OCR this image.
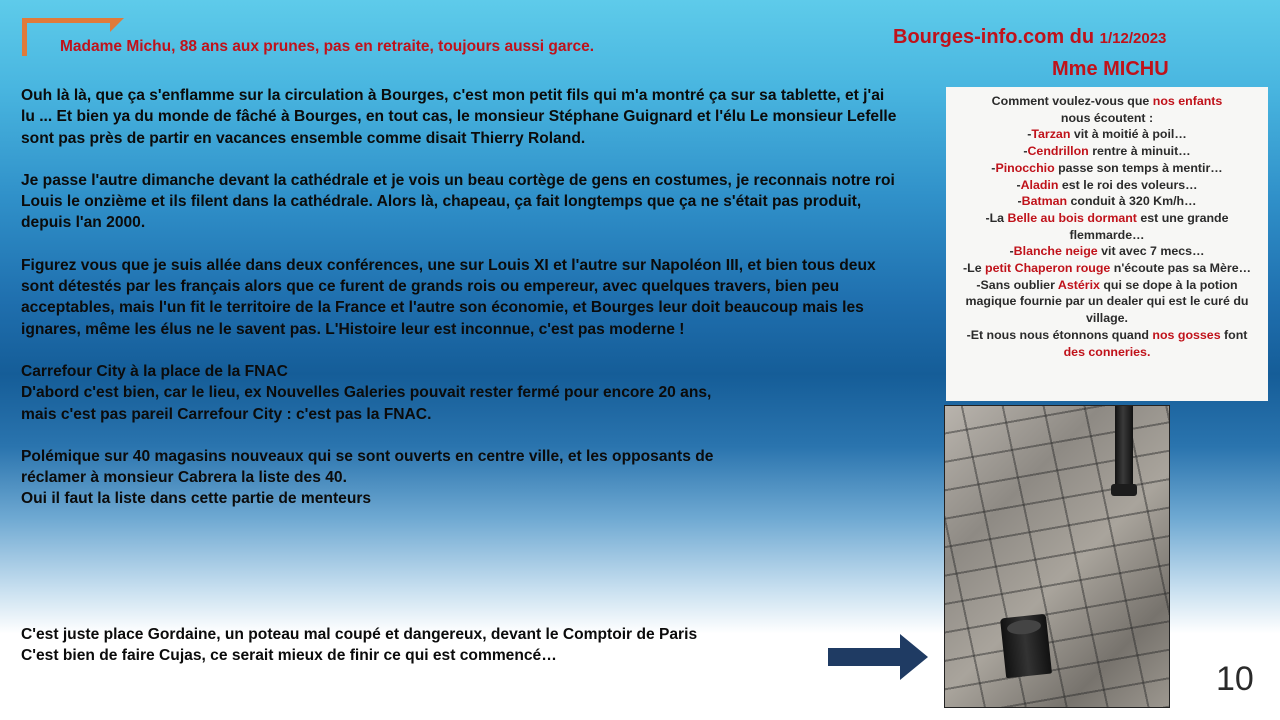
Madame Michu, 88 ans aux prunes, pas en retraite, toujours aussi garce.	Bourges-info.com du 1/12/2023
Mme MICHU

Ouh là là, que ça s'enflamme sur la circulation à Bourges, c'est mon petit fils qui m'a montré ça sur sa tablette, et j'ai lu ... Et bien ya du monde de fâché à Bourges, en tout cas, le monsieur Stéphane Guignard et l'élu Le monsieur Lefelle sont pas près de partir en vacances ensemble comme disait Thierry Roland.

Je passe l'autre dimanche devant la cathédrale et je vois un beau cortège de gens en costumes, je reconnais notre roi Louis le onzième et ils filent dans la cathédrale. Alors là, chapeau, ça fait longtemps que ça ne s'était pas produit, depuis l'an 2000.

Figurez vous que je suis allée dans deux conférences, une sur Louis XI et l'autre sur Napoléon III, et bien tous deux sont détestés par les français alors que ce furent de grands rois ou empereur, avec quelques travers, bien peu acceptables, mais l'un fit le territoire de la France et l'autre son économie, et Bourges leur doit beaucoup mais les ignares, même les élus ne le savent pas. L'Histoire leur est inconnue, c'est pas moderne !

Carrefour City à la place de la FNAC
D'abord c'est bien, car le lieu, ex Nouvelles Galeries pouvait rester fermé pour encore 20 ans,
mais c'est pas pareil Carrefour City : c'est pas la FNAC.

Polémique sur 40 magasins nouveaux qui se sont ouverts en centre ville, et les opposants de
réclamer à monsieur Cabrera la liste des 40.
Oui il faut la liste dans cette partie de menteurs

C'est juste place Gordaine, un poteau mal coupé et dangereux, devant le Comptoir de Paris

C'est bien de faire Cujas, ce serait mieux de finir ce qui est commencé…

Comment voulez-vous que nos enfants
nous écoutent :
-Tarzan vit à moitié à poil…
-Cendrillon rentre à minuit…
-Pinocchio passe son temps à mentir…
-Aladin est le roi des voleurs…
-Batman conduit à 320 Km/h…
-La Belle au bois dormant est une grande flemmarde…
-Blanche neige vit avec 7 mecs…
-Le petit Chaperon rouge n'écoute pas sa Mère…
-Sans oublier Astérix qui se dope à la potion magique fournie par un dealer qui est le curé du village.
-Et nous nous étonnons quand nos gosses font
des conneries.
10
